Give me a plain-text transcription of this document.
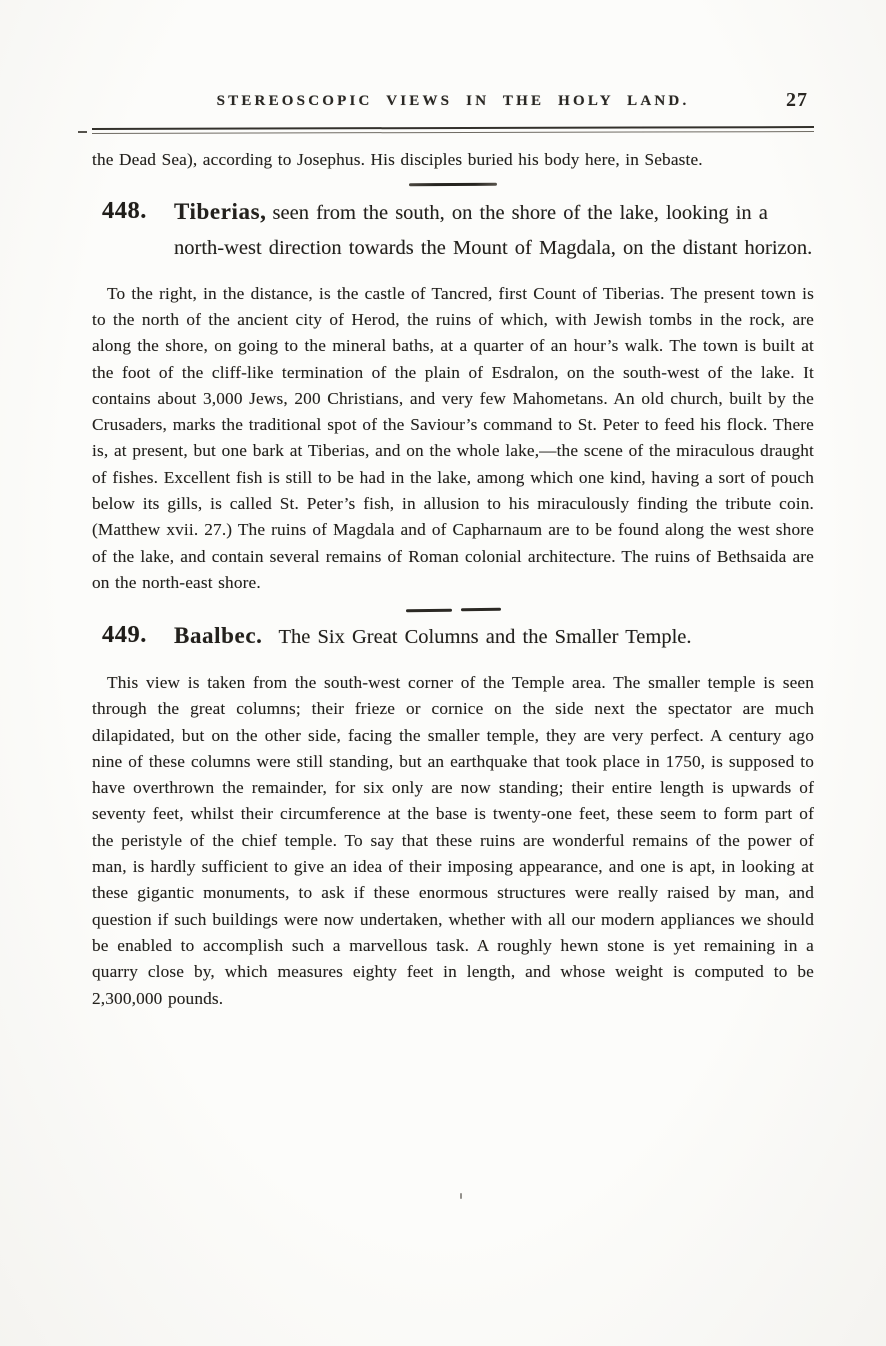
STEREOSCOPIC VIEWS IN THE HOLY LAND.	27

the Dead Sea), according to Josephus. His disciples buried his body here, in Sebaste.

448.	Tiberias, seen from the south, on the shore of the lake, looking in a north-west direction towards the Mount of Magdala, on the distant horizon.

To the right, in the distance, is the castle of Tancred, first Count of Tiberias. The present town is to the north of the ancient city of Herod, the ruins of which, with Jewish tombs in the rock, are along the shore, on going to the mineral baths, at a quarter of an hour’s walk. The town is built at the foot of the cliff-like termination of the plain of Esdralon, on the south-west of the lake. It contains about 3,000 Jews, 200 Christians, and very few Mahometans. An old church, built by the Crusaders, marks the traditional spot of the Saviour’s command to St. Peter to feed his flock. There is, at present, but one bark at Tiberias, and on the whole lake,—the scene of the miraculous draught of fishes. Excellent fish is still to be had in the lake, among which one kind, having a sort of pouch below its gills, is called St. Peter’s fish, in allusion to his miraculously finding the tribute coin. (Matthew xvii. 27.) The ruins of Magdala and of Capharnaum are to be found along the west shore of the lake, and contain several remains of Roman colonial architecture. The ruins of Bethsaida are on the north-east shore.

449.	Baalbec. The Six Great Columns and the Smaller Temple.

This view is taken from the south-west corner of the Temple area. The smaller temple is seen through the great columns; their frieze or cornice on the side next the spectator are much dilapidated, but on the other side, facing the smaller temple, they are very perfect. A century ago nine of these columns were still standing, but an earthquake that took place in 1750, is supposed to have overthrown the remainder, for six only are now standing; their entire length is upwards of seventy feet, whilst their circumference at the base is twenty-one feet, these seem to form part of the peristyle of the chief temple. To say that these ruins are wonderful remains of the power of man, is hardly sufficient to give an idea of their imposing appearance, and one is apt, in looking at these gigantic monuments, to ask if these enormous structures were really raised by man, and question if such buildings were now undertaken, whether with all our modern appliances we should be enabled to accomplish such a marvellous task. A roughly hewn stone is yet remaining in a quarry close by, which measures eighty feet in length, and whose weight is computed to be 2,300,000 pounds.
